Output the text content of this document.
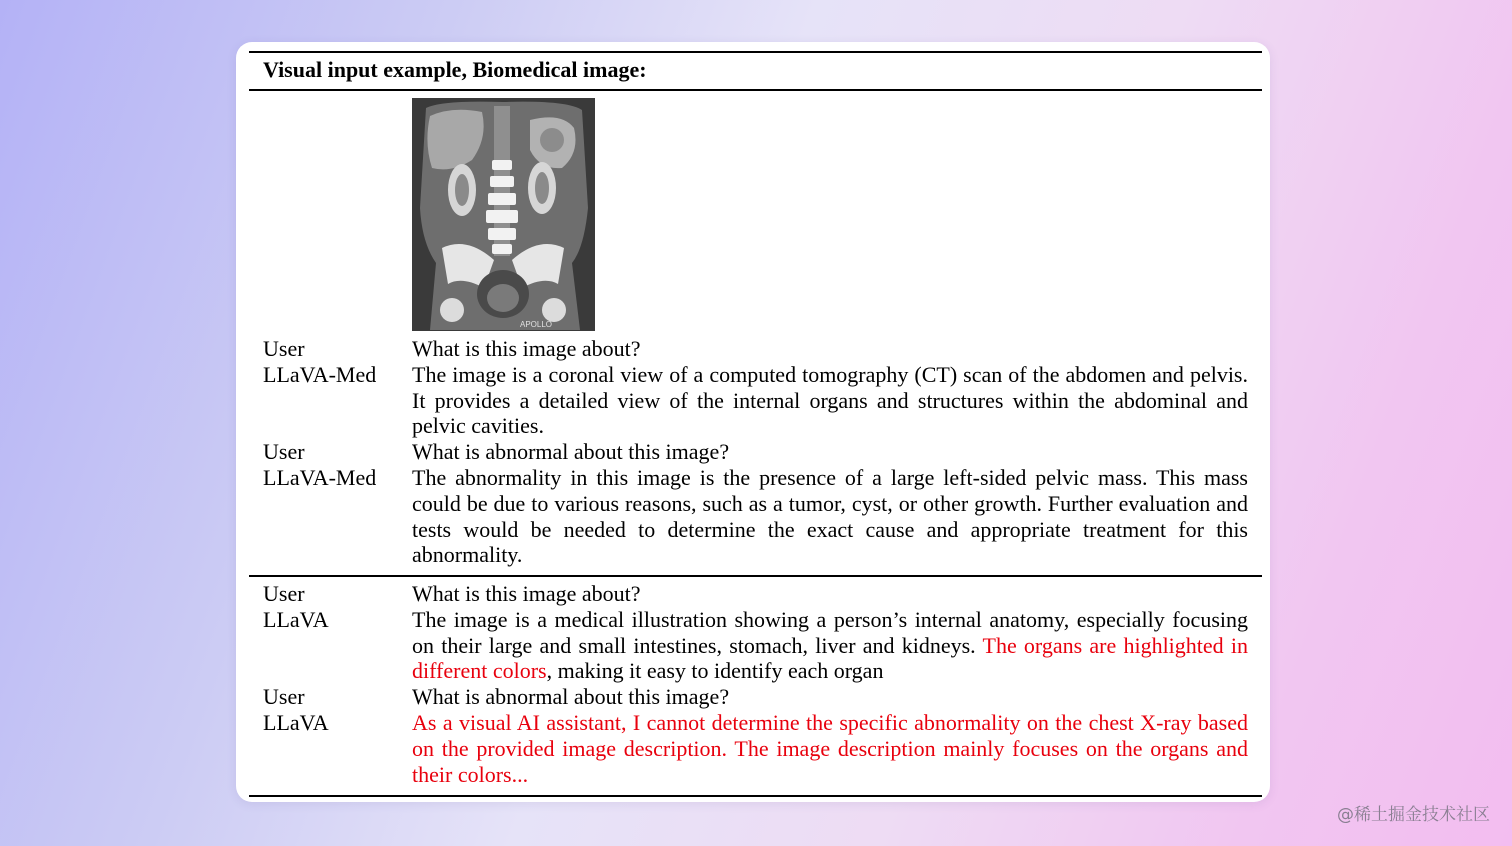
Visual input example, Biomedical image:
APOLLO
User	What is this image about?
LLaVA-Med	The image is a coronal view of a computed tomography (CT) scan of the abdomen and pelvis. It provides a detailed view of the internal organs and structures within the abdominal and pelvic cavities.
User	What is abnormal about this image?
LLaVA-Med	The abnormality in this image is the presence of a large left-sided pelvic mass. This mass could be due to various reasons, such as a tumor, cyst, or other growth. Further evaluation and tests would be needed to determine the exact cause and appropriate treatment for this abnormality.
User	What is this image about?
LLaVA	The image is a medical illustration showing a person’s internal anatomy, especially focusing on their large and small intestines, stomach, liver and kidneys. The organs are highlighted in different colors, making it easy to identify each organ
User	What is abnormal about this image?
LLaVA	As a visual AI assistant, I cannot determine the specific abnormality on the chest X-ray based on the provided image description. The image description mainly focuses on the organs and their colors...
@稀土掘金技术社区
